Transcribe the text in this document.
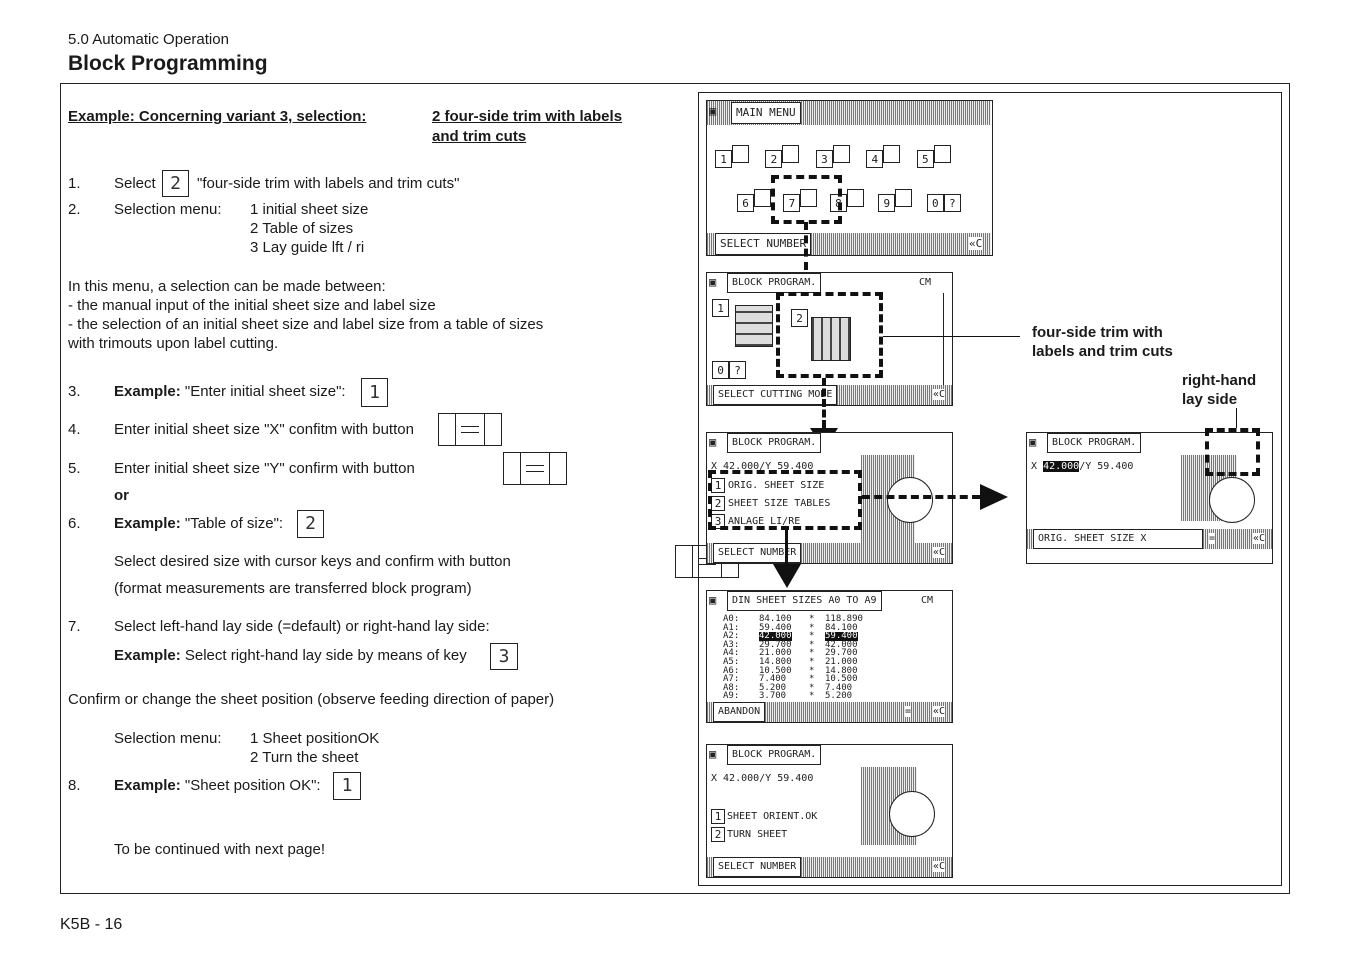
5.0 Automatic Operation
Block Programming
Example: Concerning variant 3, selection:	2 four-side trim with labels
and trim cuts
1. Select 2	"four-side trim with labels and trim cuts"
2. Selection menu: 1 initial sheet size
2 Table of sizes
3 Lay guide lft / ri
In this menu, a selection can be made between:
- the manual input of the initial sheet size and label size
- the selection of an initial sheet size and label size from a table of sizes
with trimouts upon label cutting.
3. Example: "Enter initial sheet size":	1
4. Enter initial sheet size "X" confitm with button

5. Enter initial sheet size "Y" confirm with button

or
6. Example: "Table of size":	2
Select desired size with cursor keys and confirm with button
(format measurements are transferred block program)
7. Select left-hand lay side (=default) or right-hand lay side:
Example: Select right-hand lay side by means of key	3
Confirm or change the sheet position (observe feeding direction of paper)
Selection menu: 1 Sheet positionOK
2 Turn the sheet
8. Example: "Sheet position OK":	1
To be continued with next page!
▣	MAIN MENU
1	2	3	4	5
6	7	8	9	0 ?
SELECT NUMBER	«C
▣	BLOCK PROGRAM.	CM
1
2
0 ?
SELECT CUTTING MODE	«C
four-side trim with
labels and trim cuts
▣	BLOCK PROGRAM.
X 42.000/Y 59.400
1 ORIG. SHEET SIZE
2 SHEET SIZE TABLES
3 ANLAGE LI/RE
SELECT NUMBER	«C
▣	BLOCK PROGRAM.
X 42.000/Y 59.400
ORIG. SHEET SIZE X	=	«C
right-hand
lay side
▣	DIN SHEET SIZES A0 TO A9	CM
A0: 84.100 * 118.890
A1: 59.400 * 84.100
A2: 42.000 * 59.400
A3: 29.700 * 42.000
A4: 21.000 * 29.700
A5: 14.800 * 21.000
A6: 10.500 * 14.800
A7: 7.400	* 10.500
A8: 5.200	* 7.400
A9: 3.700	* 5.200
ABANDON	= «C
▣	BLOCK PROGRAM.
X 42.000/Y 59.400
1 SHEET ORIENT.OK
2 TURN SHEET
SELECT NUMBER	«C
K5B - 16
